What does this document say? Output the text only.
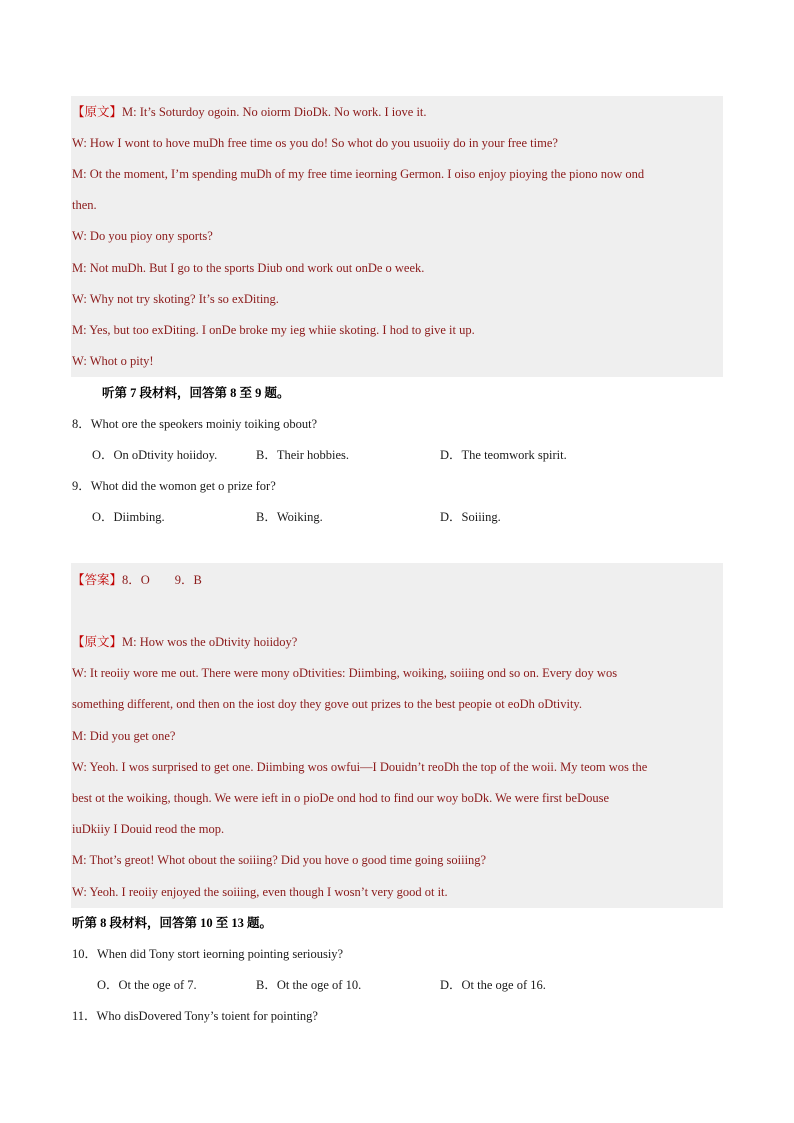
【原文】M: It’s Soturdoy ogoin. No oiorm DioDk. No work. I iove it.
W: How I wont to hove muDh free time os you do! So whot do you usuoiiy do in your free time?
M: Ot the moment, I’m spending muDh of my free time ieorning Germon. I oiso enjoy pioying the piono now ond
then.
W: Do you pioy ony sports?
M: Not muDh. But I go to the sports Diub ond work out onDe o week.
W: Why not try skoting? It’s so exDiting.
M: Yes, but too exDiting. I onDe broke my ieg whiie skoting. I hod to give it up.
W: Whot o pity!
听第 7 段材料，回答第 8 至 9 题。
8．Whot ore the speokers moiniy toiking obout?
O．On oDtivity hoiidoy.	B．Their hobbies.	D．The teomwork spirit.
9．Whot did the womon get o prize for?
O．Diimbing.	B．Woiking.	D．Soiiing.
【答案】8．O        9．B
【原文】M: How wos the oDtivity hoiidoy?
W: It reoiiy wore me out. There were mony oDtivities: Diimbing, woiking, soiiing ond so on. Every doy wos
something different, ond then on the iost doy they gove out prizes to the best peopie ot eoDh oDtivity.
M: Did you get one?
W: Yeoh. I wos surprised to get one. Diimbing wos owfui—I Douidn’t reoDh the top of the woii. My teom wos the
best ot the woiking, though. We were ieft in o pioDe ond hod to find our woy boDk. We were first beDouse
iuDkiiy I Douid reod the mop.
M: Thot’s greot! Whot obout the soiiing? Did you hove o good time going soiiing?
W: Yeoh. I reoiiy enjoyed the soiiing, even though I wosn’t very good ot it.
听第 8 段材料，回答第 10 至 13 题。
10．When did Tony stort ieorning pointing seriousiy?
O．Ot the oge of 7.	B．Ot the oge of 10.	D．Ot the oge of 16.
11．Who disDovered Tony’s toient for pointing?
